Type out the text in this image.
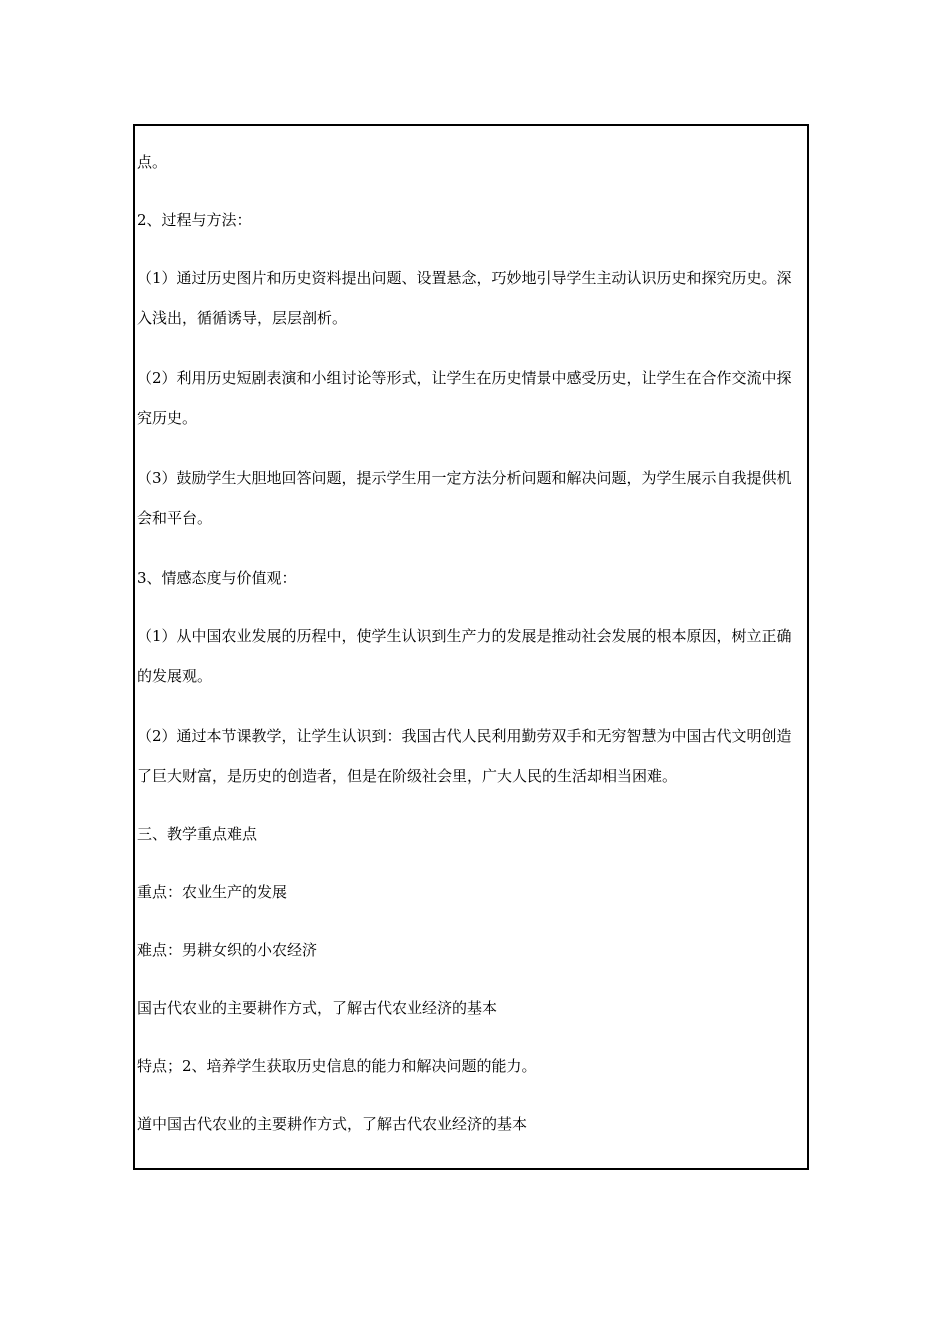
点。
2、过程与方法：
（1）通过历史图片和历史资料提出问题、设置悬念，巧妙地引导学生主动认识历史和探究历史。深入浅出，循循诱导，层层剖析。
（2）利用历史短剧表演和小组讨论等形式，让学生在历史情景中感受历史，让学生在合作交流中探究历史。
（3）鼓励学生大胆地回答问题，提示学生用一定方法分析问题和解决问题，为学生展示自我提供机会和平台。
3、情感态度与价值观：
（1）从中国农业发展的历程中，使学生认识到生产力的发展是推动社会发展的根本原因，树立正确的发展观。
（2）通过本节课教学，让学生认识到：我国古代人民利用勤劳双手和无穷智慧为中国古代文明创造了巨大财富，是历史的创造者，但是在阶级社会里，广大人民的生活却相当困难。
三、教学重点难点
重点：农业生产的发展
难点：男耕女织的小农经济
国古代农业的主要耕作方式，了解古代农业经济的基本
特点；2、培养学生获取历史信息的能力和解决问题的能力。
道中国古代农业的主要耕作方式，了解古代农业经济的基本
